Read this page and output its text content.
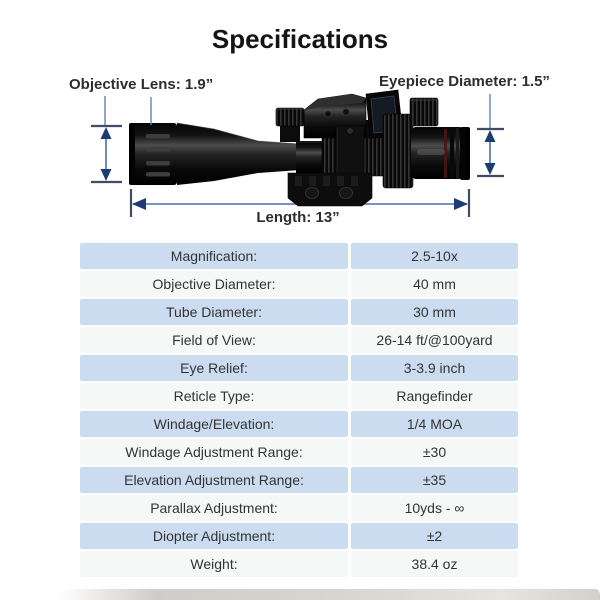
Specifications
Objective Lens: 1.9”	Eyepiece Diameter: 1.5”
Length: 13”
Magnification:	2.5-10x
Objective Diameter:	40 mm
Tube Diameter:	30 mm
Field of View:	26-14 ft/@100yard
Eye Relief:	3-3.9 inch
Reticle Type:	Rangefinder
Windage/Elevation:	1/4 MOA
Windage Adjustment Range:	±30
Elevation Adjustment Range:	±35
Parallax Adjustment:	10yds - ∞
Diopter Adjustment:	±2
Weight:	38.4 oz
